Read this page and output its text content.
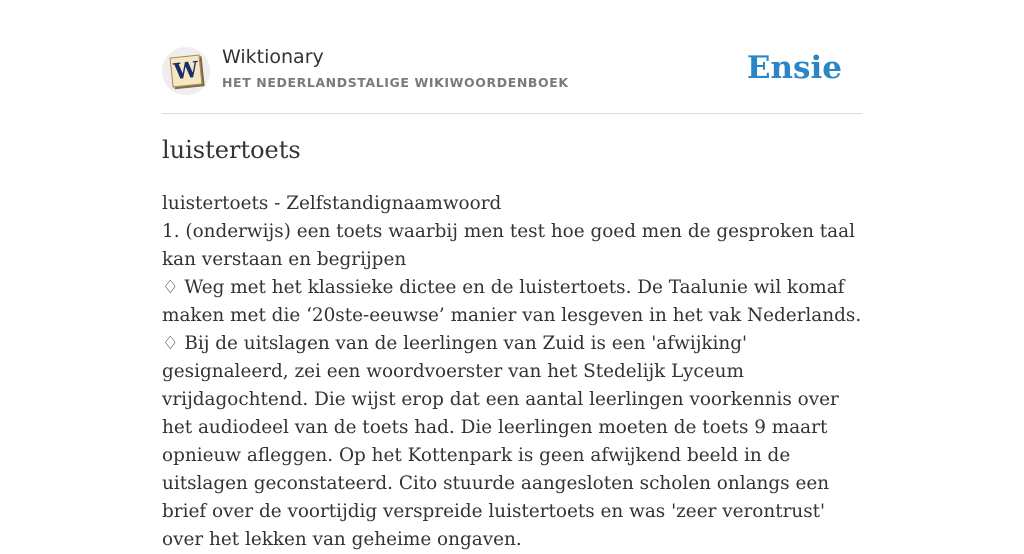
W Wiktionary
HET NEDERLANDSTALIGE WIKIWOORDENBOEK	Ensie
luistertoets

luistertoets - Zelfstandignaamwoord

1. (onderwijs) een toets waarbij men test hoe goed men de gesproken taal kan verstaan en begrijpen

♢ Weg met het klassieke dictee en de luistertoets. De Taalunie wil komaf maken met die ‘20ste-eeuwse’ manier van lesgeven in het vak Nederlands.

♢ Bij de uitslagen van de leerlingen van Zuid is een 'afwijking' gesignaleerd, zei een woordvoerster van het Stedelijk Lyceum vrijdagochtend. Die wijst erop dat een aantal leerlingen voorkennis over het audiodeel van de toets had. Die leerlingen moeten de toets 9 maart opnieuw afleggen. Op het Kottenpark is geen afwijkend beeld in de uitslagen geconstateerd. Cito stuurde aangesloten scholen onlangs een brief over de voortijdig verspreide luistertoets en was 'zeer verontrust' over het lekken van geheime ongaven.
